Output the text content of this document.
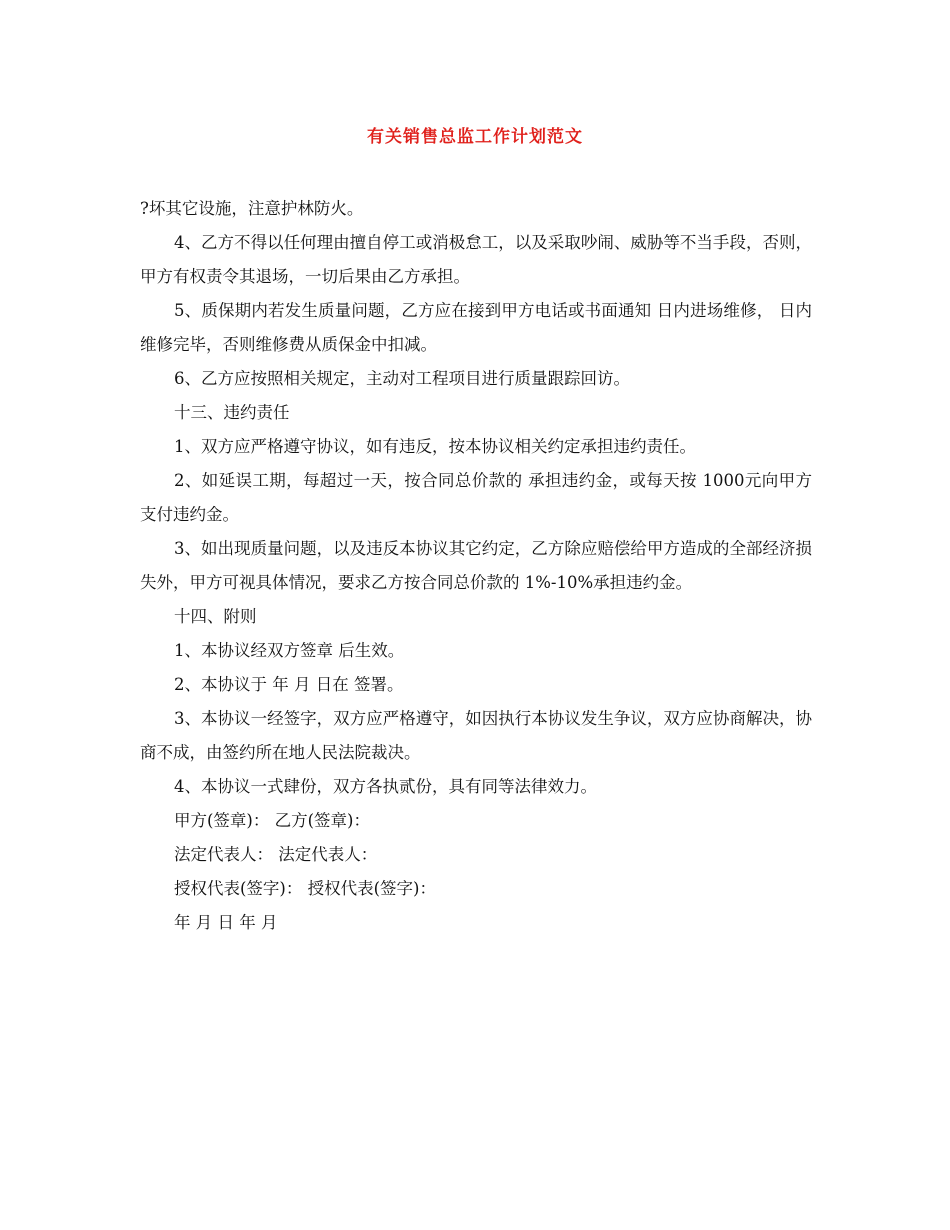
有关销售总监工作计划范文

?坏其它设施，注意护林防火。

4、乙方不得以任何理由擅自停工或消极怠工，以及采取吵闹、威胁等不当手段，否则，甲方有权责令其退场，一切后果由乙方承担。

5、质保期内若发生质量问题，乙方应在接到甲方电话或书面通知 日内进场维修， 日内维修完毕，否则维修费从质保金中扣减。

6、乙方应按照相关规定，主动对工程项目进行质量跟踪回访。

十三、违约责任

1、双方应严格遵守协议，如有违反，按本协议相关约定承担违约责任。

2、如延误工期，每超过一天，按合同总价款的 承担违约金，或每天按 1000元向甲方支付违约金。

3、如出现质量问题，以及违反本协议其它约定，乙方除应赔偿给甲方造成的全部经济损失外，甲方可视具体情况，要求乙方按合同总价款的 1%-10%承担违约金。

十四、附则

1、本协议经双方签章 后生效。

2、本协议于 年 月 日在 签署。

3、本协议一经签字，双方应严格遵守，如因执行本协议发生争议，双方应协商解决，协商不成，由签约所在地人民法院裁决。

4、本协议一式肆份，双方各执贰份，具有同等法律效力。

甲方(签章)： 乙方(签章)：

法定代表人： 法定代表人：

授权代表(签字)： 授权代表(签字)：

年 月 日 年 月
